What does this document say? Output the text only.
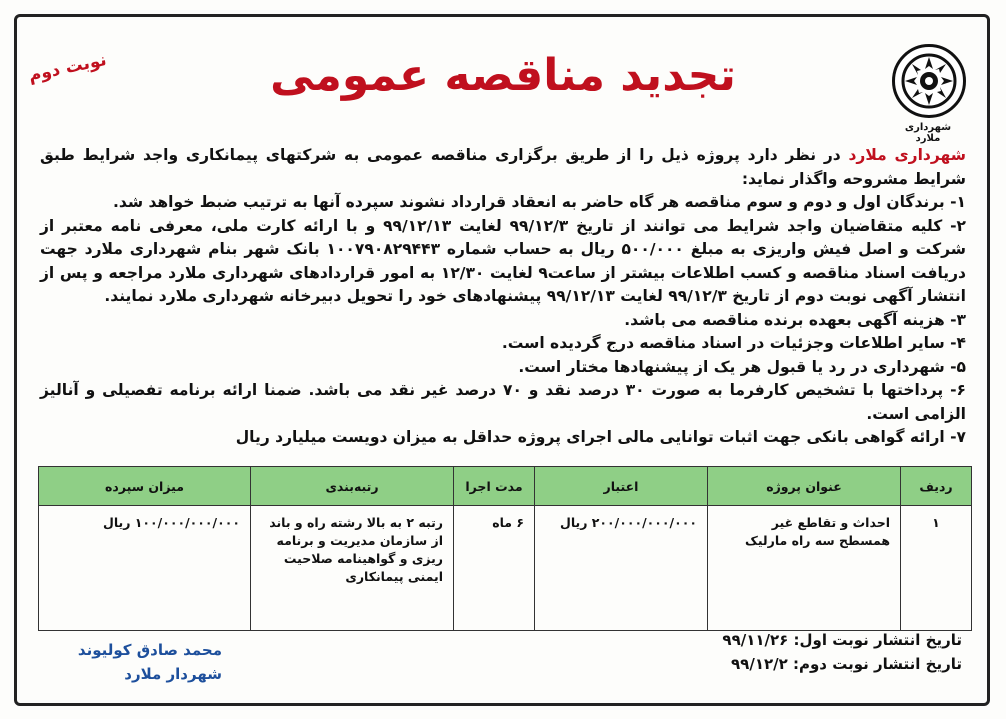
شهرداری ملارد
تجدید مناقصه عمومی
نوبت دوم

شهرداری ملارد در نظر دارد پروژه ذیل را از طریق برگزاری مناقصه عمومی به شرکتهای پیمانکاری واجد شرایط طبق شرایط مشروحه واگذار نماید:

۱- برندگان اول و دوم و سوم مناقصه هر گاه حاضر به انعقاد قرارداد نشوند سپرده آنها به ترتیب ضبط خواهد شد.

۲- کلیه متقاضیان واجد شرایط می توانند از تاریخ ۹۹/۱۲/۳ لغایت ۹۹/۱۲/۱۳ و با ارائه کارت ملی، معرفی نامه معتبر از شرکت و اصل فیش واریزی به مبلغ ۵۰۰/۰۰۰ ریال به حساب شماره ۱۰۰۷۹۰۸۲۹۴۴۳ بانک شهر بنام شهرداری ملارد جهت دریافت اسناد مناقصه و کسب اطلاعات بیشتر از ساعت۹ لغایت ۱۲/۳۰ به امور قراردادهای شهرداری ملارد مراجعه و پس از انتشار آگهی نوبت دوم از تاریخ ۹۹/۱۲/۳ لغایت ۹۹/۱۲/۱۳ پیشنهادهای خود را تحویل دبیرخانه شهرداری ملارد نمایند.

۳- هزینه آگهی بعهده برنده مناقصه می باشد.

۴- سایر اطلاعات وجزئیات در اسناد مناقصه درج گردیده است.

۵- شهرداری در رد یا قبول هر یک از پیشنهادها مختار است.

۶- پرداختها با تشخیص کارفرما به صورت ۳۰ درصد نقد و ۷۰ درصد غیر نقد می باشد. ضمنا ارائه برنامه تفصیلی و آنالیز الزامی است.

۷- ارائه گواهی بانکی جهت اثبات توانایی مالی اجرای پروژه حداقل به میزان دویست میلیارد ریال

ردیف	عنوان پروژه	اعتبار	مدت اجرا	رتبه‌بندی	میزان سپرده
۱	احداث و تقاطع غیر همسطح سه راه مارلیک	۲۰۰/۰۰۰/۰۰۰/۰۰۰ ریال	۶ ماه	رتبه ۲ به بالا رشته راه و باند از سازمان مدیریت و برنامه ریزی و گواهینامه صلاحیت ایمنی پیمانکاری	۱۰۰/۰۰۰/۰۰۰/۰۰۰ ریال
تاریخ انتشار نوبت اول: ۹۹/۱۱/۲۶
تاریخ انتشار نوبت دوم: ۹۹/۱۲/۲
محمد صادق کولیوند
شهردار ملارد
